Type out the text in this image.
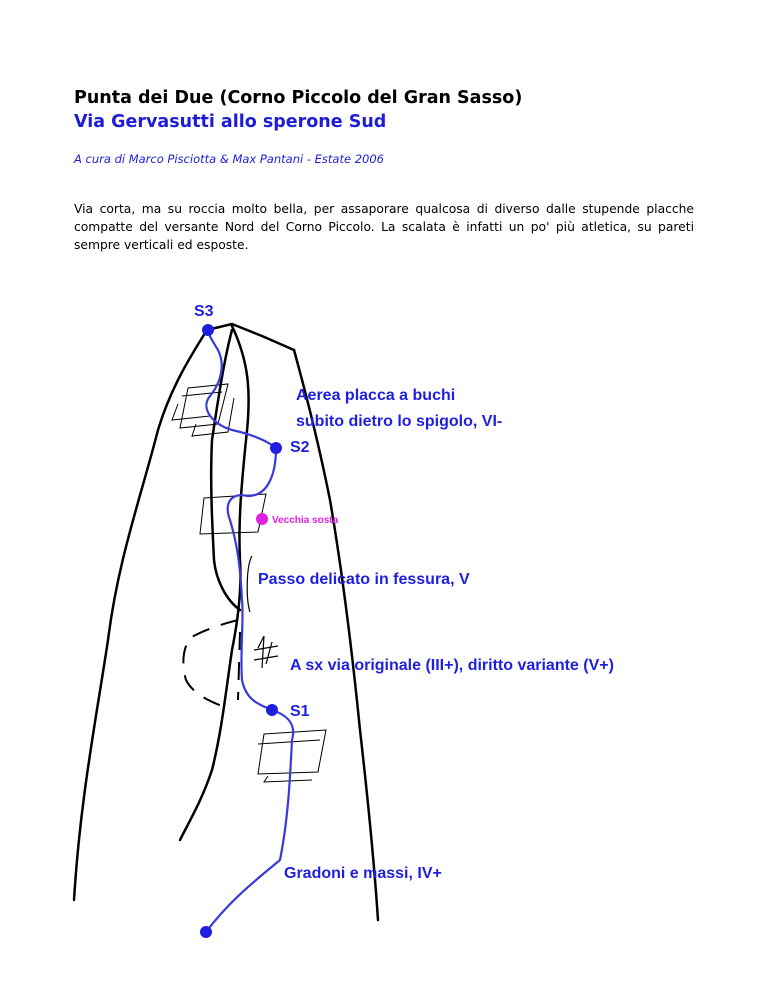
Punta dei Due (Corno Piccolo del Gran Sasso)
Via Gervasutti allo sperone Sud
A cura di Marco Pisciotta & Max Pantani - Estate 2006

Via corta, ma su roccia molto bella, per assaporare qualcosa di diverso dalle stupende placche compatte del versante Nord del Corno Piccolo. La scalata è infatti un po' più atletica, su pareti sempre verticali ed esposte.

S3
S2
S1
Aerea placca a buchi
subito dietro lo spigolo, VI-
Passo delicato in fessura, V
A sx via originale (III+), diritto variante (V+)
Gradoni e massi, IV+
Vecchia sosta
